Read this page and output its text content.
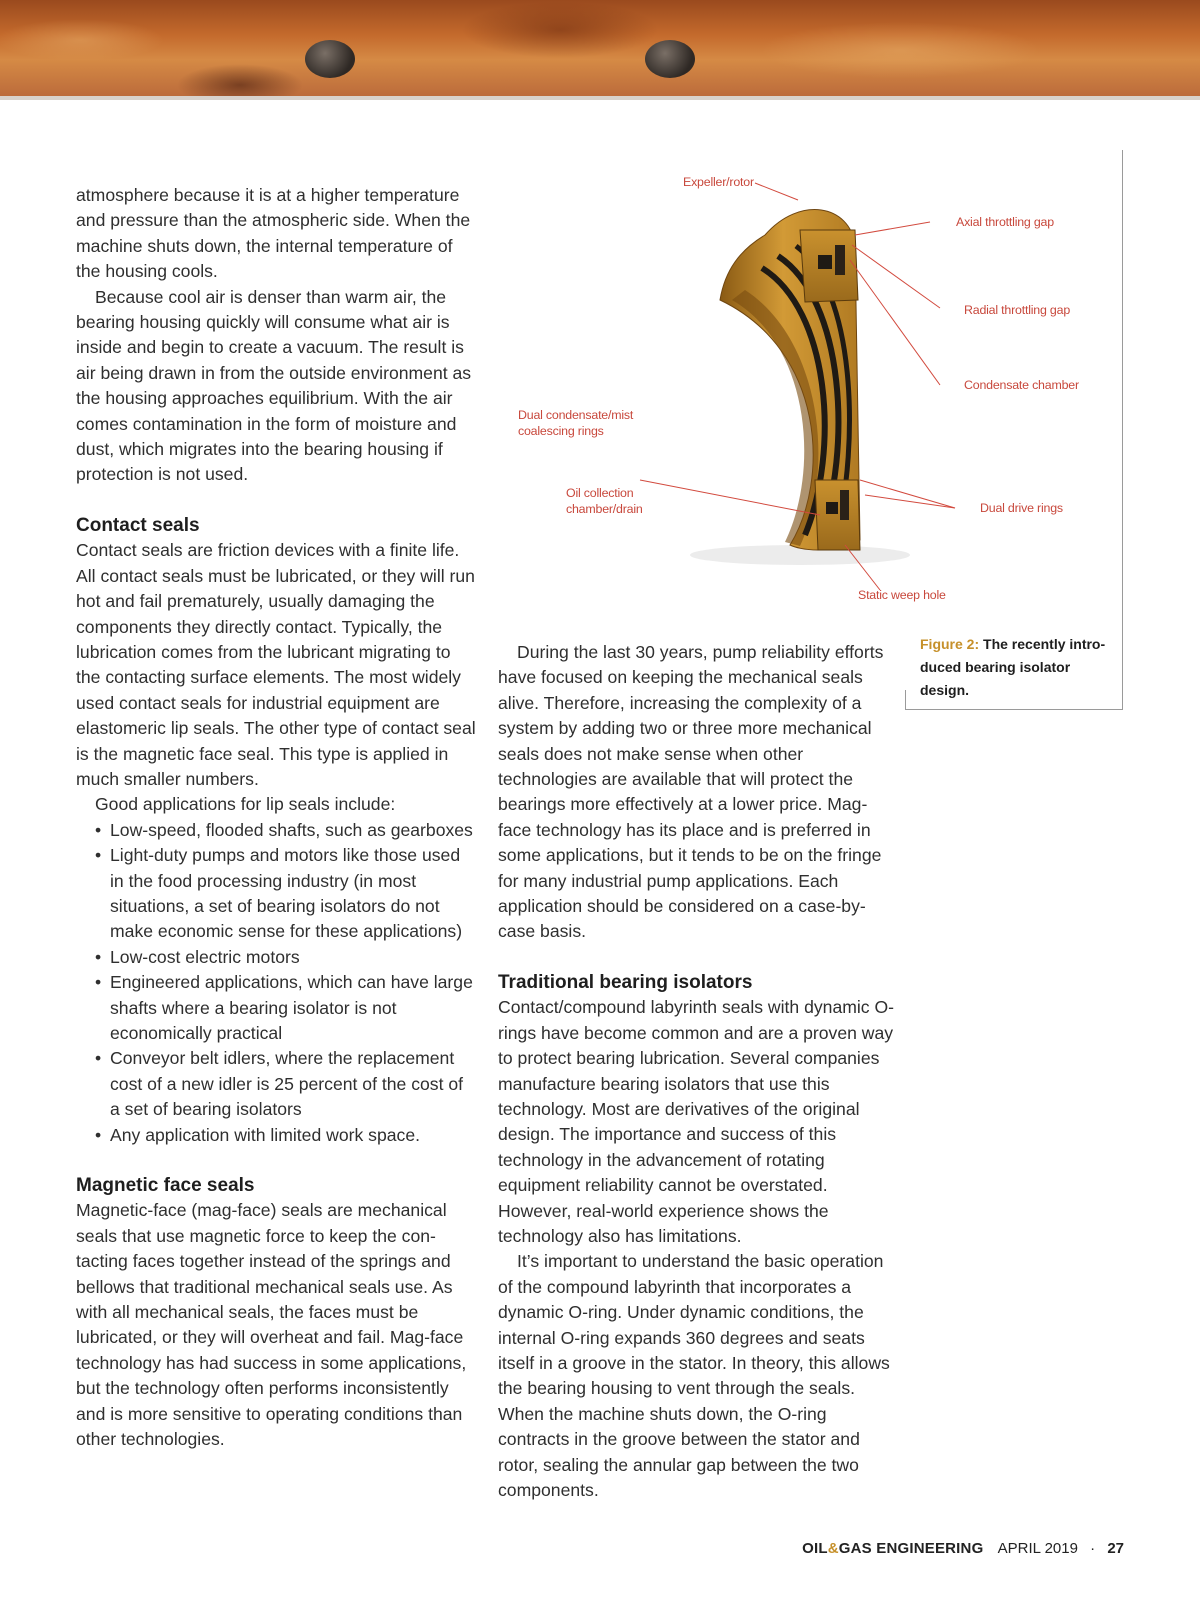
atmosphere because it is at a higher temperature and pressure than the atmospheric side. When the machine shuts down, the internal temperature of the housing cools.

Because cool air is denser than warm air, the bearing housing quickly will consume what air is inside and begin to create a vacuum. The result is air being drawn in from the outside environment as the housing approaches equilibrium. With the air comes contamination in the form of moisture and dust, which migrates into the bearing housing if protection is not used.

Contact seals

Contact seals are friction devices with a finite life. All contact seals must be lubricated, or they will run hot and fail prematurely, usually damaging the components they directly contact. Typically, the lubrication comes from the lubricant migrating to the contacting surface elements. The most widely used contact seals for industrial equipment are elastomeric lip seals. The other type of contact seal is the magnetic face seal. This type is applied in much smaller numbers.

Good applications for lip seals include:

• Low-speed, flooded shafts, such as gearboxes
• Light-duty pumps and motors like those used in the food processing industry (in most situations, a set of bearing isolators do not make economic sense for these applications)
• Low-cost electric motors
• Engineered applications, which can have large shafts where a bearing isolator is not economically practical
• Conveyor belt idlers, where the replacement cost of a new idler is 25 percent of the cost of a set of bearing isolators
• Any application with limited work space.
Magnetic face seals

Magnetic-face (mag-face) seals are mechanical seals that use magnetic force to keep the contacting faces together instead of the springs and bellows that traditional mechanical seals use. As with all mechanical seals, the faces must be lubricated, or they will overheat and fail. Mag-face technology has had success in some applications, but the technology often performs inconsistently and is more sensitive to operating conditions than other technologies.

Expeller/rotor
Axial throttling gap
Radial throttling gap
Condensate chamber
Dual condensate/mist
coalescing rings
Oil collection
chamber/drain	Dual drive rings
Static weep hole
Figure 2: The recently introduced bearing isolator design.

During the last 30 years, pump reliability efforts have focused on keeping the mechanical seals alive. Therefore, increasing the complexity of a system by adding two or three more mechanical seals does not make sense when other technologies are available that will protect the bearings more effectively at a lower price. Mag-face technology has its place and is preferred in some applications, but it tends to be on the fringe for many industrial pump applications. Each application should be considered on a case-by-case basis.

Traditional bearing isolators

Contact/compound labyrinth seals with dynamic O-rings have become common and are a proven way to protect bearing lubrication. Several companies manufacture bearing isolators that use this technology. Most are derivatives of the original design. The importance and success of this technology in the advancement of rotating equipment reliability cannot be overstated. However, real-world experience shows the technology also has limitations.

It’s important to understand the basic operation of the compound labyrinth that incorporates a dynamic O-ring. Under dynamic conditions, the internal O-ring expands 360 degrees and seats itself in a groove in the stator. In theory, this allows the bearing housing to vent through the seals. When the machine shuts down, the O-ring contracts in the groove between the stator and rotor, sealing the annular gap between the two components.

OIL&GAS ENGINEERING APRIL 2019 · 27
